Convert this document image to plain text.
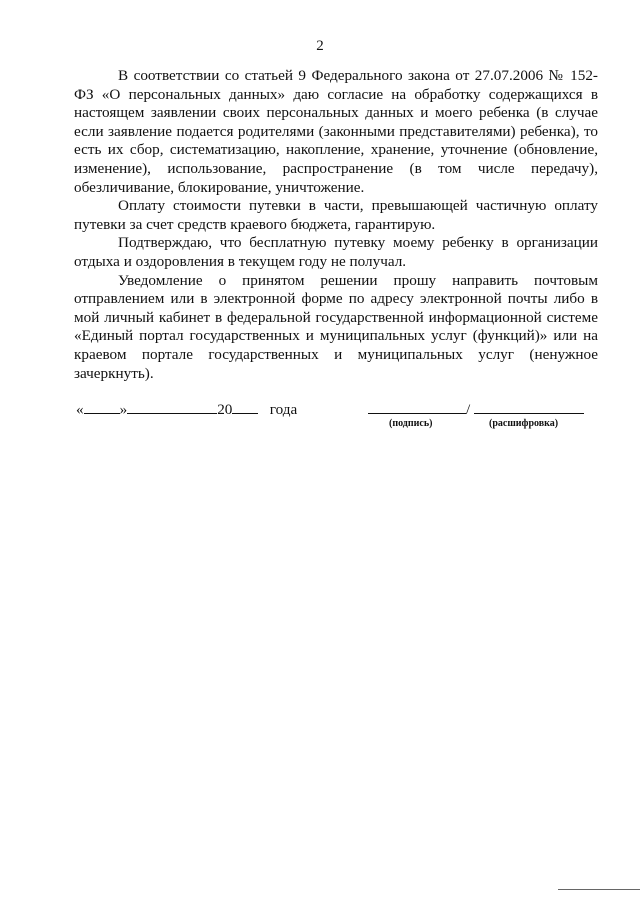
2

В соответствии со статьей 9 Федерального закона от 27.07.2006 № 152-ФЗ «О персональных данных» даю согласие на обработку содержащихся в настоящем заявлении своих персональных данных и моего ребенка (в случае если заявление подается родителями (законными представителями) ребенка), то есть их сбор, систематизацию, накопление, хранение, уточнение (обновление, изменение), использование, распространение (в том числе передачу), обезличивание, блокирование, уничтожение.

Оплату стоимости путевки в части, превышающей частичную оплату путевки за счет средств краевого бюджета, гарантирую.

Подтверждаю, что бесплатную путевку моему ребенку в организации отдыха и оздоровления в текущем году не получал.

Уведомление о принятом решении прошу направить почтовым отправлением или в электронной форме по адресу электронной почты либо в мой личный кабинет в федеральной государственной информационной системе «Единый портал государственных и муниципальных услуг (функций)» или на краевом портале государственных и муниципальных услуг (ненужное зачеркнуть).

« »	20 года	/
(подпись)	(расшифровка)
